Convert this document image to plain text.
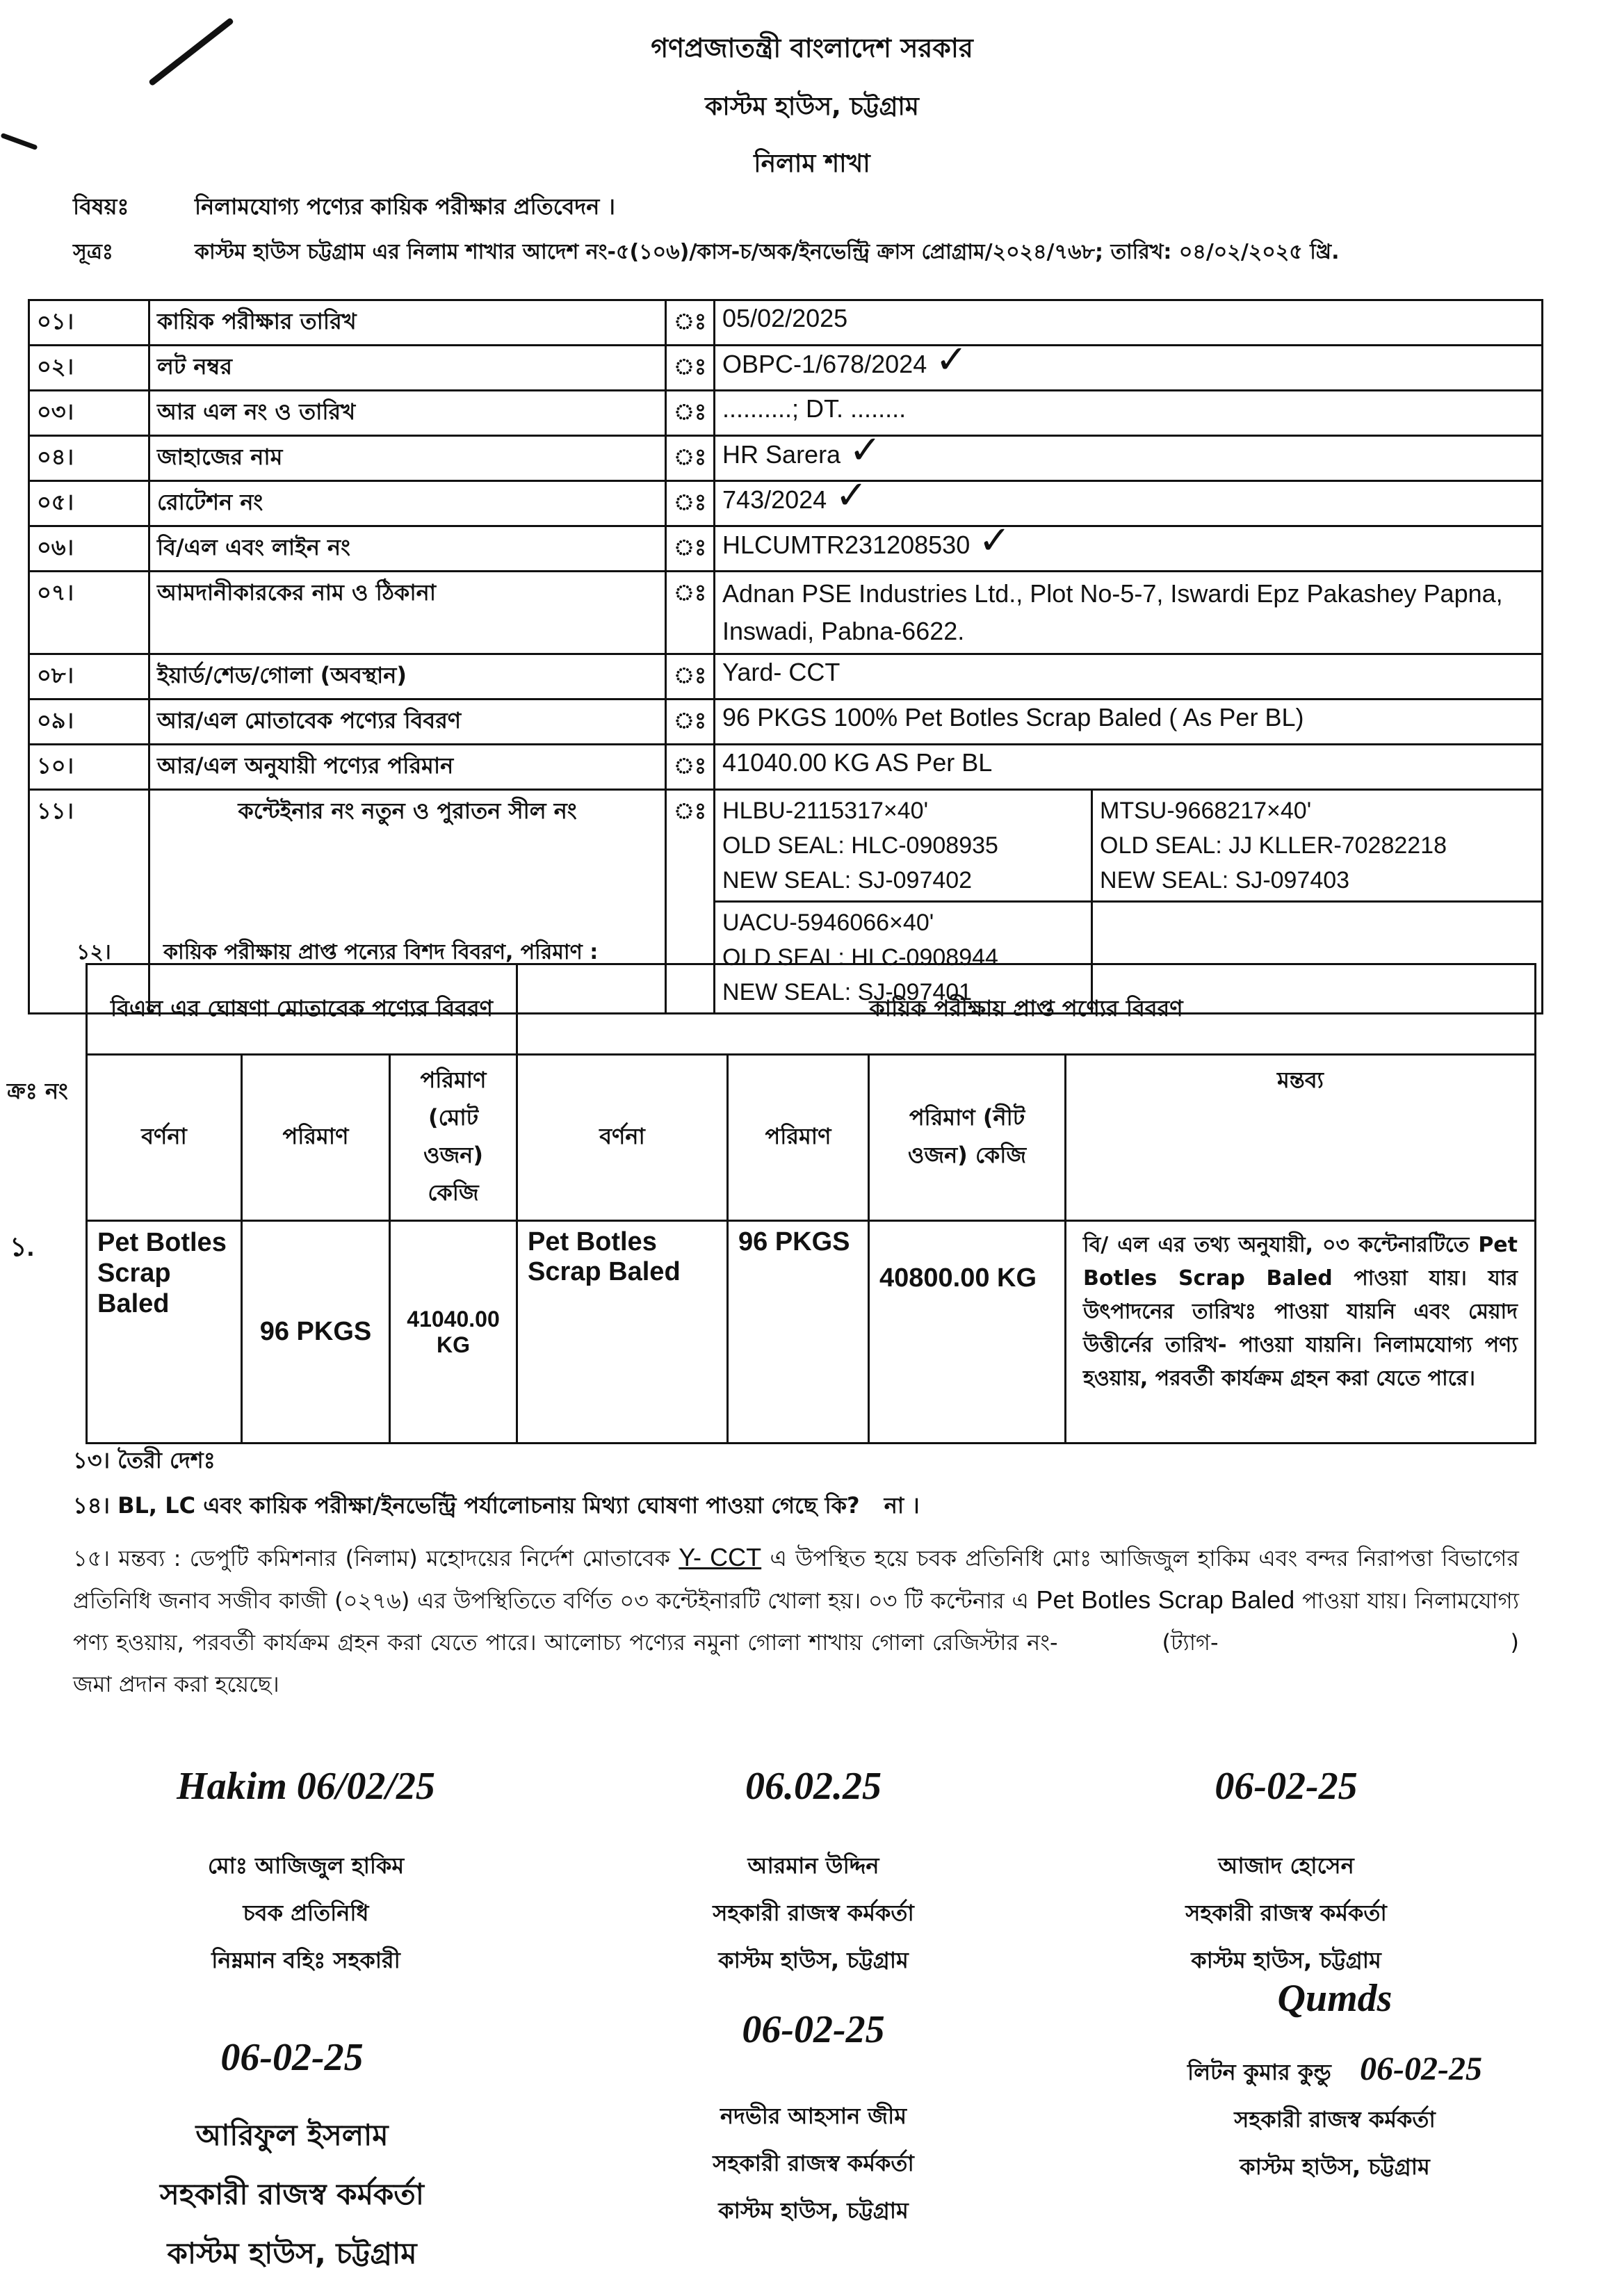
গণপ্রজাতন্ত্রী বাংলাদেশ সরকার
কাস্টম হাউস, চট্টগ্রাম
নিলাম শাখা
বিষয়ঃ	নিলামযোগ্য পণ্যের কায়িক পরীক্ষার প্রতিবেদন ।
সূত্রঃ	কাস্টম হাউস চট্টগ্রাম এর নিলাম শাখার আদেশ নং-৫(১০৬)/কাস-চ/অক/ইনভেন্ট্রি ক্রাস প্রোগ্রাম/২০২৪/৭৬৮; তারিখ: ০৪/০২/২০২৫ খ্রি.
০১।	কায়িক পরীক্ষার তারিখ	ঃ	05/02/2025
০২।	লট নম্বর	ঃ	OBPC-1/678/2024 ✓
০৩।	আর এল নং ও তারিখ	ঃ	..........; DT. ........
০৪।	জাহাজের নাম	ঃ	HR Sarera ✓
০৫।	রোটেশন নং	ঃ	743/2024 ✓
০৬।	বি/এল এবং লাইন নং	ঃ	HLCUMTR231208530 ✓
০৭।	আমদানীকারকের নাম ও ঠিকানা	ঃ	Adnan PSE Industries Ltd., Plot No-5-7, Iswardi Epz Pakashey Papna, Inswadi, Pabna-6622.
০৮।	ইয়ার্ড/শেড/গোলা (অবস্থান)	ঃ	Yard- CCT
০৯।	আর/এল মোতাবেক পণ্যের বিবরণ	ঃ	96 PKGS 100% Pet Botles Scrap Baled ( As Per BL)
১০।	আর/এল অনুযায়ী পণ্যের পরিমান	ঃ	41040.00 KG AS Per BL
১১।	কন্টেইনার নং নতুন ও পুরাতন সীল নং	ঃ	HLBU-2115317×40'
OLD SEAL: HLC-0908935
NEW SEAL: SJ-097402
MTSU-9668217×40'
OLD SEAL: JJ KLLER-70282218
NEW SEAL: SJ-097403
UACU-5946066×40'
OLD SEAL: HLC-0908944
NEW SEAL: SJ-097401
১২।	কায়িক পরীক্ষায় প্রাপ্ত পন্যের বিশদ বিবরণ, পরিমাণ :
ক্রঃ নং	বিএল এর ঘোষণা মোতাবেক পণ্যের বিবরণ			কায়িক পরীক্ষায় প্রাপ্ত পণ্যের বিবরণ			
	বর্ণনা	পরিমাণ	পরিমাণ (মোট ওজন) কেজি	বর্ণনা	পরিমাণ	পরিমাণ (নীট ওজন) কেজি	মন্তব্য
১.	Pet Botles Scrap Baled	96 PKGS	41040.00 KG	Pet Botles Scrap Baled	96 PKGS	40800.00 KG	বি/ এল এর তথ্য অনুযায়ী, ০৩ কন্টেনারটিতে Pet Botles Scrap Baled পাওয়া যায়। যার উৎপাদনের তারিখঃ পাওয়া যায়নি এবং মেয়াদ উত্তীর্নের তারিখ- পাওয়া যায়নি। নিলামযোগ্য পণ্য হওয়ায়, পরবর্তী কার্যক্রম গ্রহন করা যেতে পারে।
১৩। তৈরী দেশঃ
১৪। BL, LC এবং কায়িক পরীক্ষা/ইনভেন্ট্রি পর্যালোচনায় মিথ্যা ঘোষণা পাওয়া গেছে কি? না ।
১৫। মন্তব্য : ডেপুটি কমিশনার (নিলাম) মহোদয়ের নির্দেশ মোতাবেক Y- CCT এ উপস্থিত হয়ে চবক প্রতিনিধি মোঃ আজিজুল হাকিম এবং বন্দর নিরাপত্তা বিভাগের প্রতিনিধি জনাব সজীব কাজী (০২৭৬) এর উপস্থিতিতে বর্ণিত ০৩ কন্টেইনারটি খোলা হয়। ০৩ টি কন্টেনার এ Pet Botles Scrap Baled পাওয়া যায়। নিলামযোগ্য পণ্য হওয়ায়, পরবর্তী কার্যক্রম গ্রহন করা যেতে পারে। আলোচ্য পণ্যের নমুনা গোলা শাখায় গোলা রেজিস্টার নং-	(ট্যাগ-	) জমা প্রদান করা হয়েছে।
Hakim 06/02/25
মোঃ আজিজুল হাকিম
চবক প্রতিনিধি
নিম্নমান বহিঃ সহকারী
06.02.25
আরমান উদ্দিন
সহকারী রাজস্ব কর্মকর্তা
কাস্টম হাউস, চট্টগ্রাম
06-02-25
আজাদ হোসেন
সহকারী রাজস্ব কর্মকর্তা
কাস্টম হাউস, চট্টগ্রাম
06-02-25
আরিফুল ইসলাম
সহকারী রাজস্ব কর্মকর্তা
কাস্টম হাউস, চট্টগ্রাম
06-02-25
নদভীর আহসান জীম
সহকারী রাজস্ব কর্মকর্তা
কাস্টম হাউস, চট্টগ্রাম
Qumds
লিটন কুমার কুন্ডু 06-02-25
সহকারী রাজস্ব কর্মকর্তা
কাস্টম হাউস, চট্টগ্রাম
